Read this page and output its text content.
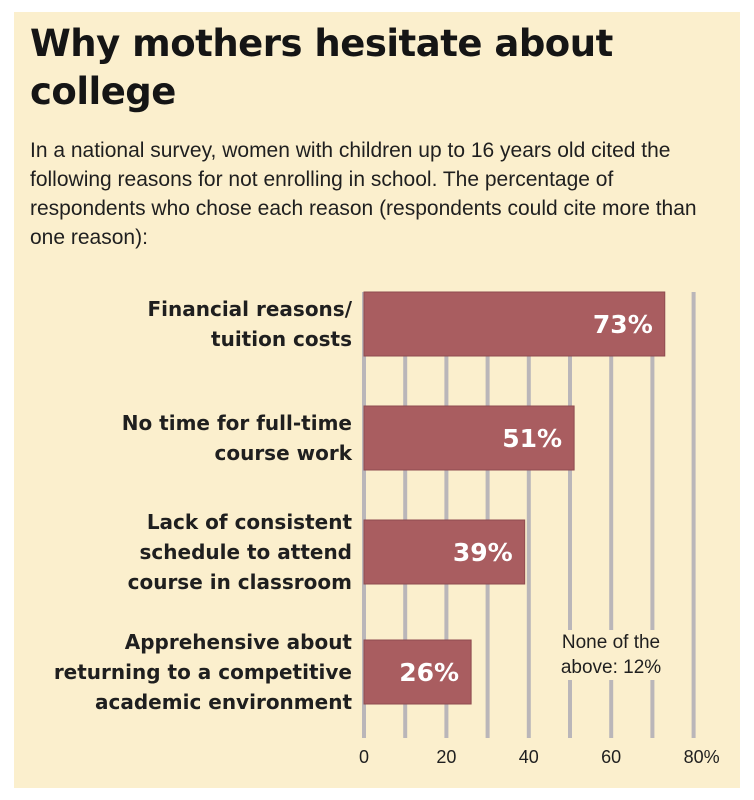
Why mothers hesitate about college

In a national survey, women with children up to 16 years old cited the following reasons for not enrolling in school. The percentage of respondents who chose each reason (respondents could cite more than one reason):

73%
Financial reasons/
tuition costs
51%
No time for full-time
course work
39%
Lack of consistent
schedule to attend
course in classroom
26%
Apprehensive about
returning to a competitive
academic environment
0	20	40	60	80%

None of the
above: 12%
